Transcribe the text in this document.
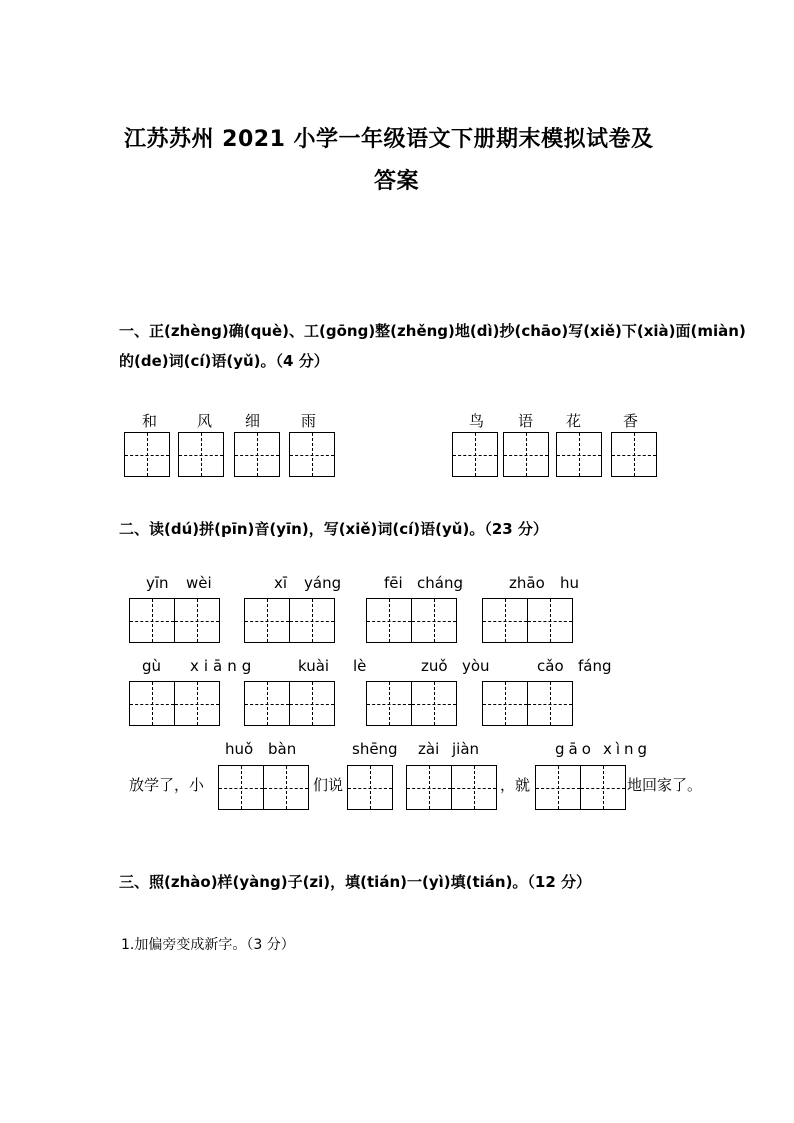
江苏苏州 2021 小学一年级语文下册期末模拟试卷及
答案
一、正(zhèng)确(què)、工(gōng)整(zhěng)地(dì)抄(chāo)写(xiě)下(xià)面(miàn)
的(de)词(cí)语(yǔ)。（4 分）
和	风 细	雨	鸟 语 花	香
二、读(dú)拼(pīn)音(yīn)，写(xiě)词(cí)语(yǔ)。（23 分）
yīn wèi	xī yáng	fēi cháng	zhāo hu
gù xiāng	kuài lè	zuǒ yòu	cǎo fáng
huǒ bàn	shēng zài jiàn	gāo xìng
放学了，小	们说	，就	地回家了。
三、照(zhào)样(yàng)子(zi)，填(tián)一(yì)填(tián)。（12 分）
1.加偏旁变成新字。（3 分）
